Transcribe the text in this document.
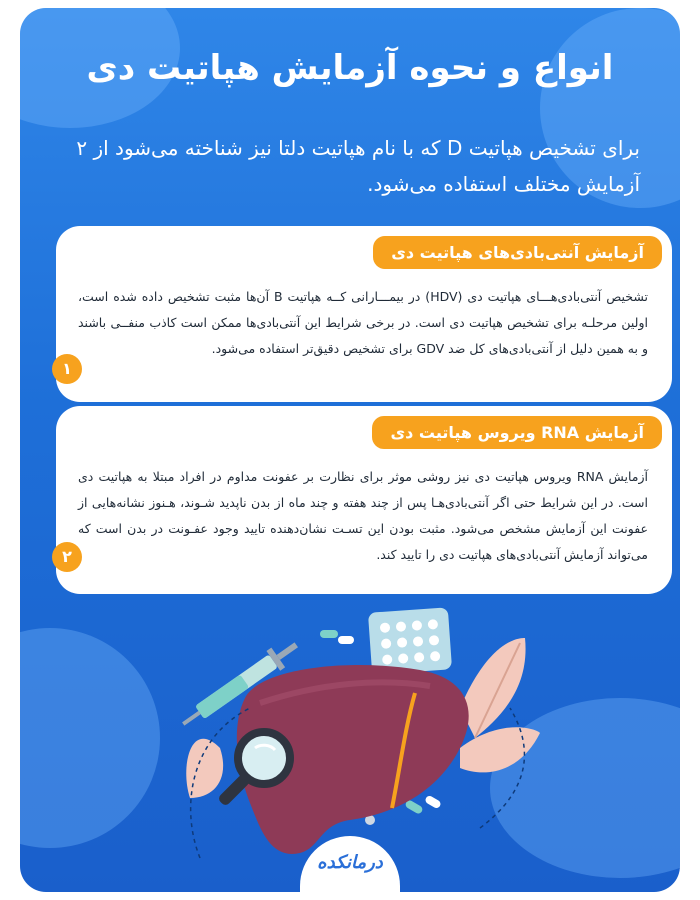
انواع و نحوه آزمایش هپاتیت دی
برای تشخیص هپاتیت D که با نام هپاتیت دلتا نیز شناخته می‌شود از ۲ آزمایش مختلف استفاده می‌شود.
آزمایش آنتی‌بادی‌های هپاتیت دی
تشخیص آنتی‌بادی‌هـــای هپاتیت دی (HDV) در بیمـــارانی کــه هپاتیت B آن‌ها مثبت تشخیص داده شده است، اولین مرحلـه برای تشخیص هپاتیت دی است. در برخی شرایط این آنتی‌بادی‌ها ممکن است کاذب منفــی باشند و به همین دلیل از آنتی‌بادی‌های کل ضد GDV برای تشخیص دقیق‌تر استفاده می‌شود.
۱
آزمایش RNA ویروس هپاتیت دی
آزمایش RNA ویروس هپاتیت دی نیز روشی موثر برای نظارت بر عفونت مداوم در افراد مبتلا به هپاتیت دی است. در این شرایط حتی اگر آنتی‌بادی‌هـا پس از چند هفته و چند ماه از بدن ناپدید شـوند، هـنوز نشانه‌هایی از عفونت این آزمایش مشخص می‌شود. مثبت بودن این تسـت نشان‌دهنده تایید وجود عفـونت در بدن است که می‌تواند آزمایش آنتی‌بادی‌های هپاتیت دی را تایید کند.
۲
درمانکده
